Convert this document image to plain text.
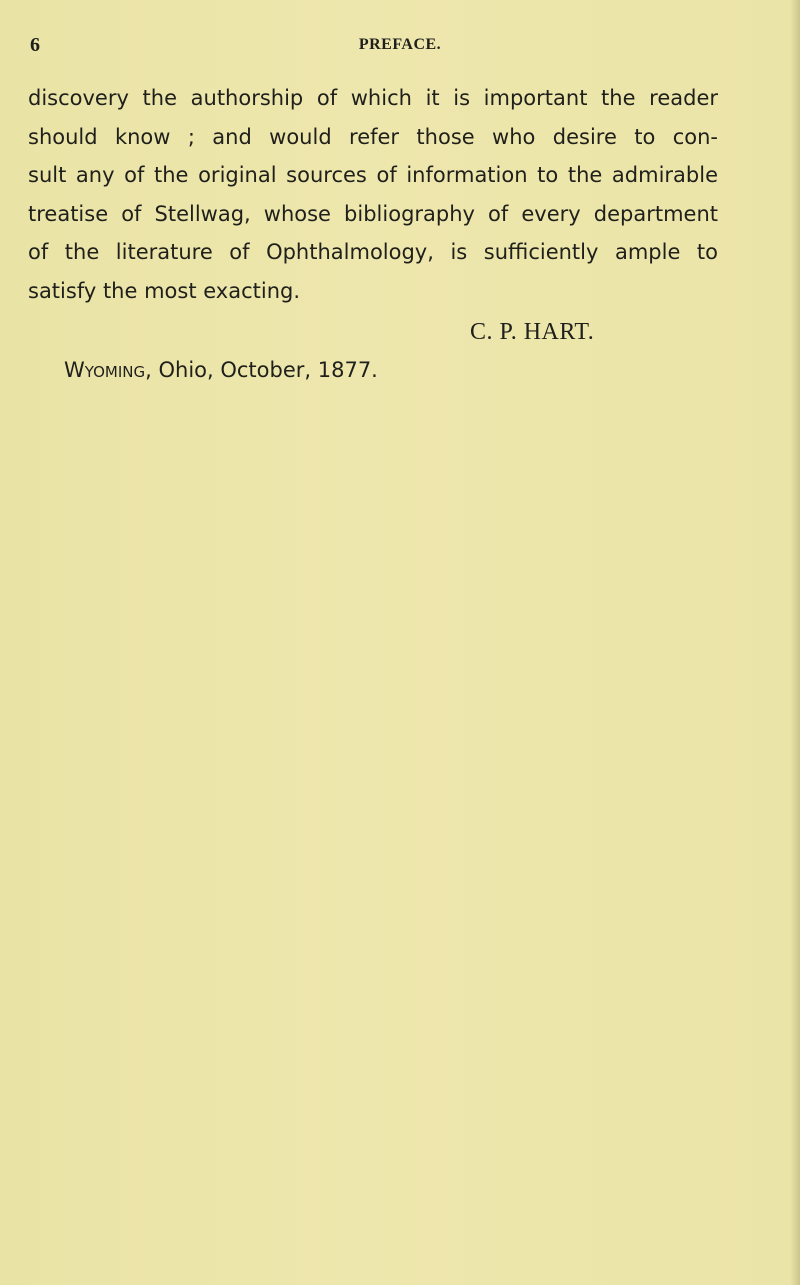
6	PREFACE.
discovery the authorship of which it is important the reader
should know ; and would refer those who desire to con-
sult any of the original sources of information to the admirable
treatise of Stellwag, whose bibliography of every department
of the literature of Ophthalmology, is sufficiently ample to
satisfy the most exacting.
C. P. HART.
Wyoming, Ohio, October, 1877.
